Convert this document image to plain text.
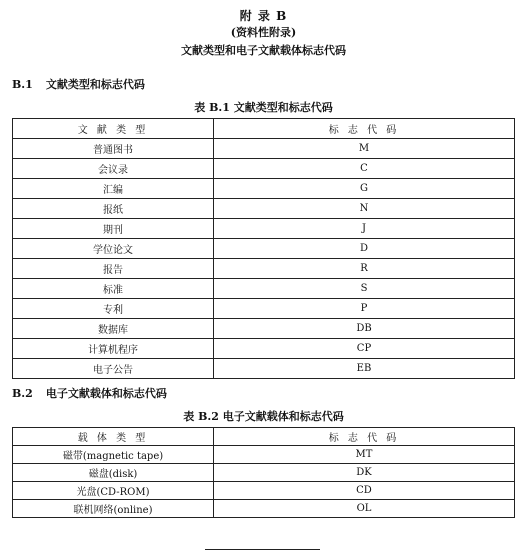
附 录 B
(资料性附录)
文献类型和电子文献载体标志代码
B.1 文献类型和标志代码
表 B.1 文献类型和标志代码
文 献 类 型	标 志 代 码
普通图书	M
会议录	C
汇编	G
报纸	N
期刊	J
学位论文	D
报告	R
标准	S
专利	P
数据库	DB
计算机程序	CP
电子公告	EB
B.2 电子文献载体和标志代码
表 B.2 电子文献载体和标志代码
载 体 类 型	标 志 代 码
磁带(magnetic tape)	MT
磁盘(disk)	DK
光盘(CD-ROM)	CD
联机网络(online)	OL
